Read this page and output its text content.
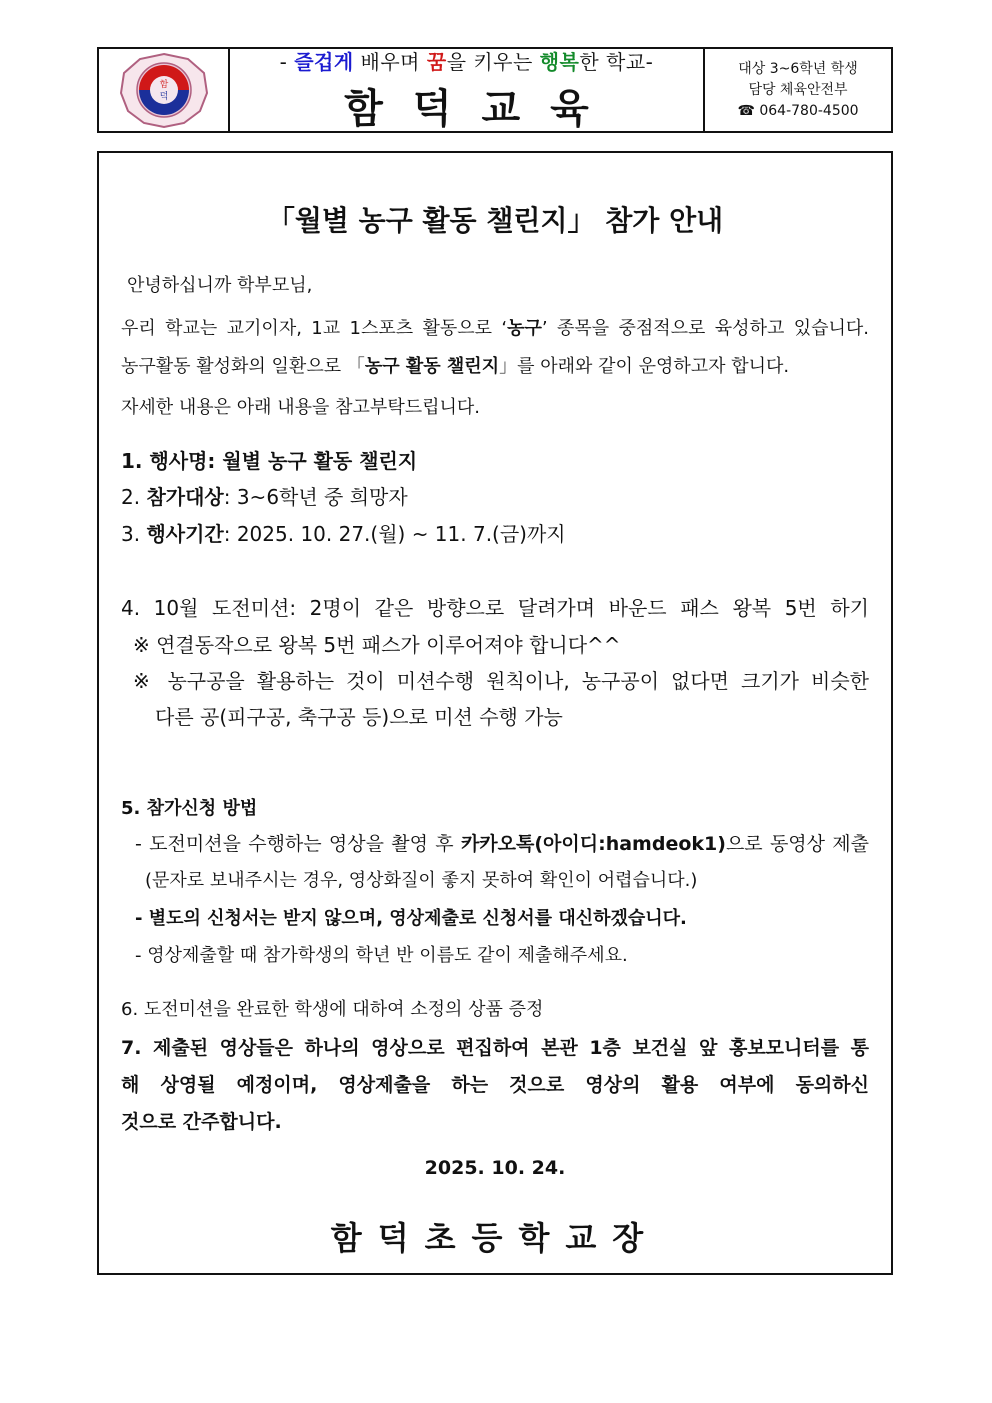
함
덕
- 즐겁게 배우며 꿈을 키우는 행복한 학교-
함덕교육
대상 3~6학년 학생
담당 체육안전부
☎ 064-780-4500
「월별 농구 활동 챌린지」 참가 안내
안녕하십니까 학부모님,
우리 학교는 교기이자, 1교 1스포츠 활동으로 ‘농구’ 종목을 중점적으로 육성하고 있습니다.
농구활동 활성화의 일환으로 「농구 활동 챌린지」를 아래와 같이 운영하고자 합니다.
자세한 내용은 아래 내용을 참고부탁드립니다.
1. 행사명: 월별 농구 활동 챌린지
2. 참가대상: 3~6학년 중 희망자
3. 행사기간: 2025. 10. 27.(월) ~ 11. 7.(금)까지
4. 10월 도전미션: 2명이 같은 방향으로 달려가며 바운드 패스 왕복 5번 하기
※ 연결동작으로 왕복 5번 패스가 이루어져야 합니다^^
※ 농구공을 활용하는 것이 미션수행 원칙이나, 농구공이 없다면 크기가 비슷한
다른 공(피구공, 축구공 등)으로 미션 수행 가능
5. 참가신청 방법
- 도전미션을 수행하는 영상을 촬영 후 카카오톡(아이디:hamdeok1)으로 동영상 제출
(문자로 보내주시는 경우, 영상화질이 좋지 못하여 확인이 어렵습니다.)
- 별도의 신청서는 받지 않으며, 영상제출로 신청서를 대신하겠습니다.
- 영상제출할 때 참가학생의 학년 반 이름도 같이 제출해주세요.
6. 도전미션을 완료한 학생에 대하여 소정의 상품 증정
7. 제출된 영상들은 하나의 영상으로 편집하여 본관 1층 보건실 앞 홍보모니터를 통
해 상영될 예정이며, 영상제출을 하는 것으로 영상의 활용 여부에 동의하신
것으로 간주합니다.
2025. 10. 24.
함덕초등학교장
